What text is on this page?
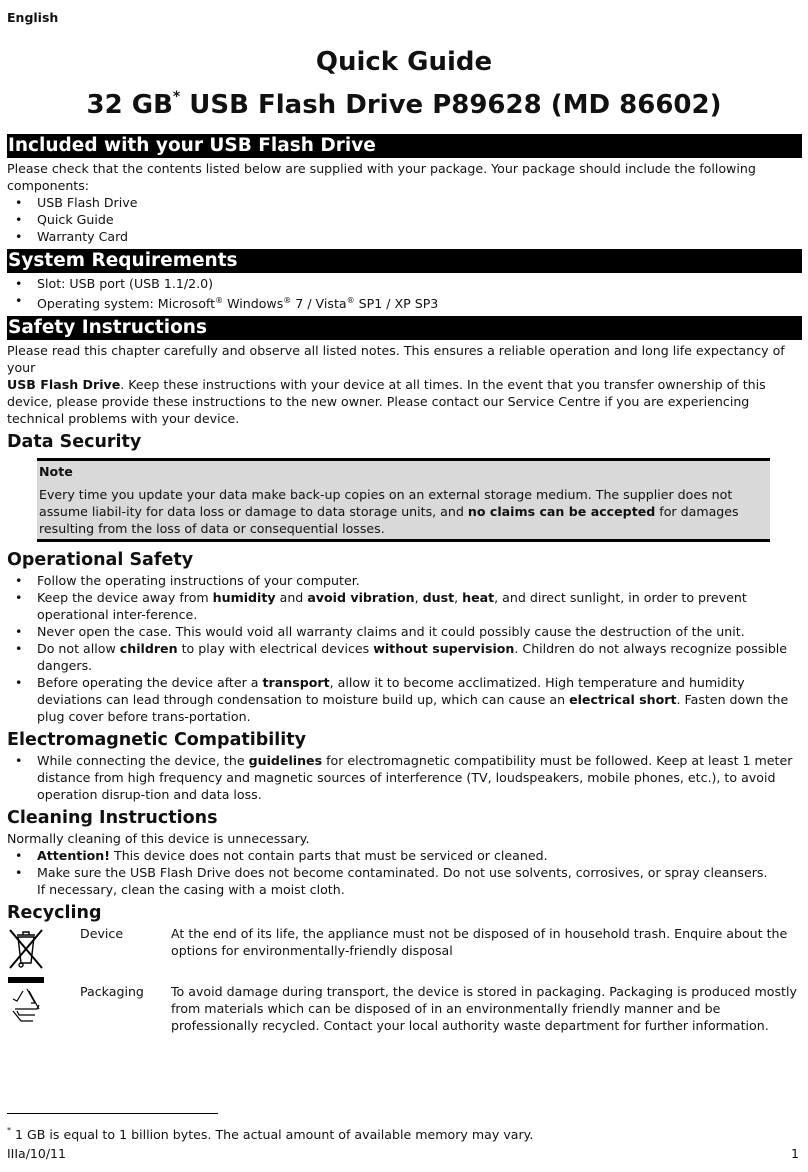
English
Quick Guide
32 GB* USB Flash Drive P89628 (MD 86602)
Included with your USB Flash Drive

Please check that the contents listed below are supplied with your package. Your package should include the following components:

• USB Flash Drive
• Quick Guide
• Warranty Card
System Requirements
• Slot: USB port (USB 1.1/2.0)
• Operating system: Microsoft® Windows® 7 / Vista® SP1 / XP SP3
Safety Instructions

Please read this chapter carefully and observe all listed notes. This ensures a reliable operation and long life expectancy of your
USB Flash Drive. Keep these instructions with your device at all times. In the event that you transfer ownership of this device, please provide these instructions to the new owner. Please contact our Service Centre if you are experiencing technical problems with your device.

Data Security
Note

Every time you update your data make back-up copies on an external storage medium. The supplier does not assume liabil-ity for data loss or damage to data storage units, and no claims can be accepted for damages resulting from the loss of data or consequential losses.

Operational Safety
• Follow the operating instructions of your computer.
• Keep the device away from humidity and avoid vibration, dust, heat, and direct sunlight, in order to prevent operational inter-ference.
• Never open the case. This would void all warranty claims and it could possibly cause the destruction of the unit.
• Do not allow children to play with electrical devices without supervision. Children do not always recognize possible dangers.
• Before operating the device after a transport, allow it to become acclimatized. High temperature and humidity deviations can lead through condensation to moisture build up, which can cause an electrical short. Fasten down the plug cover before trans-portation.
Electromagnetic Compatibility
• While connecting the device, the guidelines for electromagnetic compatibility must be followed. Keep at least 1 meter distance from high frequency and magnetic sources of interference (TV, loudspeakers, mobile phones, etc.), to avoid operation disrup-tion and data loss.
Cleaning Instructions

Normally cleaning of this device is unnecessary.

• Attention! This device does not contain parts that must be serviced or cleaned.
• Make sure the USB Flash Drive does not become contaminated. Do not use solvents, corrosives, or spray cleansers.
If necessary, clean the casing with a moist cloth.
Recycling
Device	At the end of its life, the appliance must not be disposed of in household trash. Enquire about the options for environmentally-friendly disposal
Packaging To avoid damage during transport, the device is stored in packaging. Packaging is produced mostly from materials which can be disposed of in an environmentally friendly manner and be professionally recycled. Contact your local authority waste department for further information.
* 1 GB is equal to 1 billion bytes. The actual amount of available memory may vary.
IIIa/10/11	1
